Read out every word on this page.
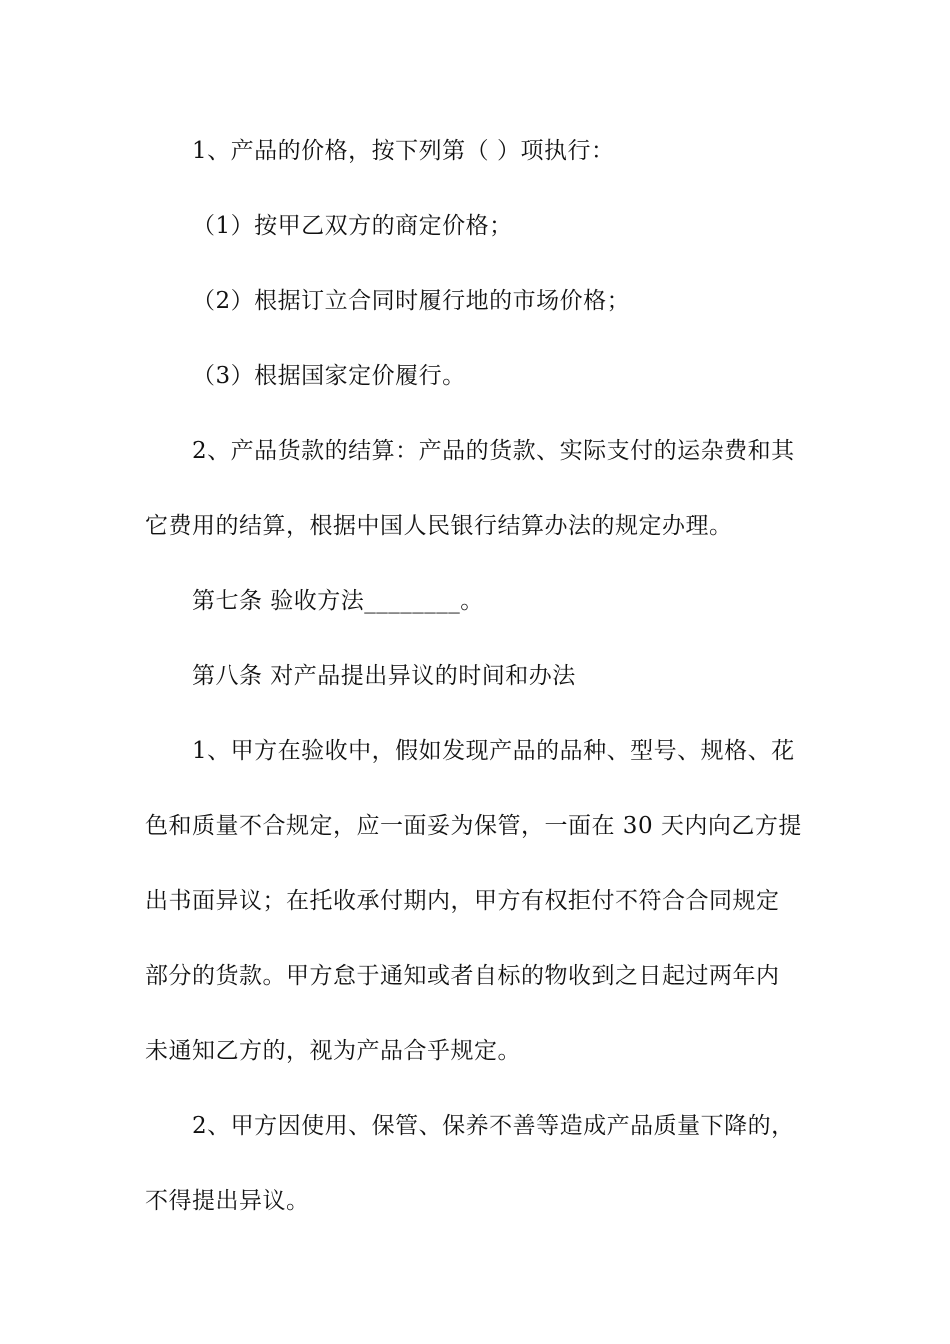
1、产品的价格，按下列第（ ）项执行：

（1）按甲乙双方的商定价格；

（2）根据订立合同时履行地的市场价格；

（3）根据国家定价履行。

2、产品货款的结算：产品的货款、实际支付的运杂费和其

它费用的结算，根据中国人民银行结算办法的规定办理。

第七条 验收方法________。

第八条 对产品提出异议的时间和办法

1、甲方在验收中，假如发现产品的品种、型号、规格、花

色和质量不合规定，应一面妥为保管，一面在 30 天内向乙方提

出书面异议；在托收承付期内，甲方有权拒付不符合合同规定

部分的货款。甲方怠于通知或者自标的物收到之日起过两年内

未通知乙方的，视为产品合乎规定。

2、甲方因使用、保管、保养不善等造成产品质量下降的，

不得提出异议。
